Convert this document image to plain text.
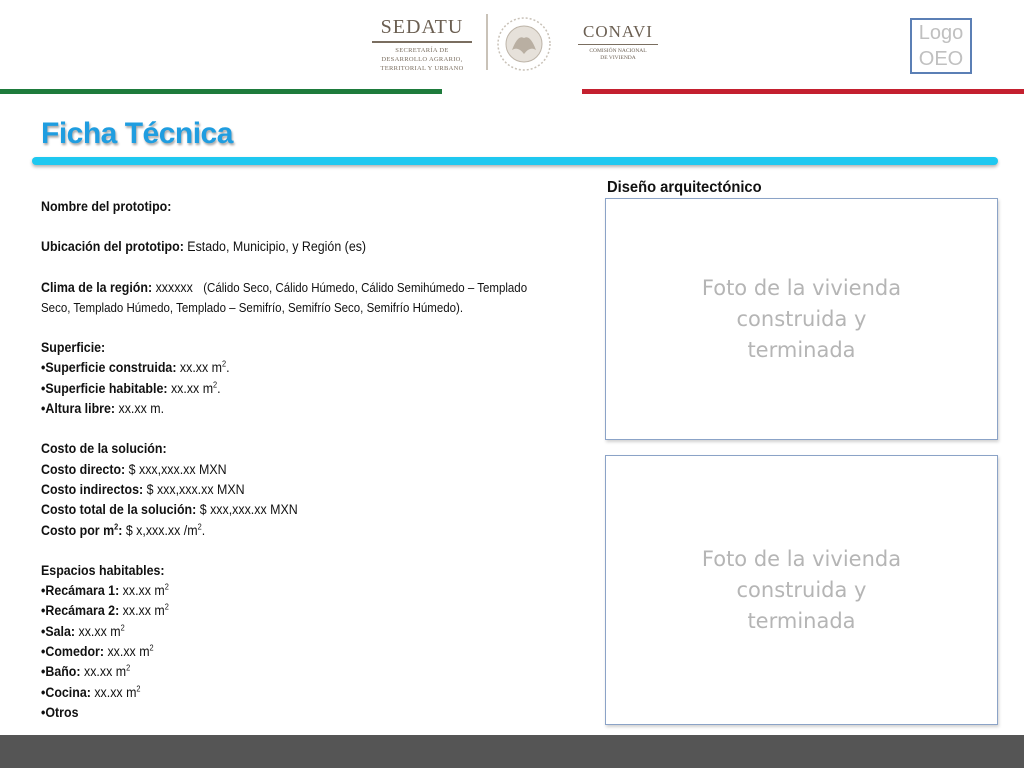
SEDATU
SECRETARÍA DE
DESARROLLO AGRARIO,
TERRITORIAL Y URBANO
CONAVI
COMISIÓN NACIONAL
DE VIVIENDA
Logo OEO
Ficha Técnica
Nombre del prototipo:
Ubicación del prototipo: Estado, Municipio, y Región (es)
Clima de la región: xxxxxx   (Cálido Seco, Cálido Húmedo, Cálido Semihúmedo – Templado Seco, Templado Húmedo, Templado – Semifrío, Semifrío Seco, Semifrío Húmedo).
Superficie:
•Superficie construida: xx.xx $m^2$.
•Superficie habitable: xx.xx $m^2$.
•Altura libre: xx.xx m.
Costo de la solución:
Costo directo: $ xxx,xxx.xx MXN
Costo indirectos: $ xxx,xxx.xx MXN
Costo total de la solución: $ xxx,xxx.xx MXN
Costo por $m^2$: $ x,xxx.xx $/m^2$.
Espacios habitables:
•Recámara 1: xx.xx $m^2$
•Recámara 2: xx.xx $m^2$
•Sala: xx.xx $m^2$
•Comedor: xx.xx $m^2$
•Baño: xx.xx $m^2$
•Cocina: xx.xx $m^2$
•Otros
Diseño arquitectónico
Foto de la vivienda construida y terminada
Foto de la vivienda construida y terminada
